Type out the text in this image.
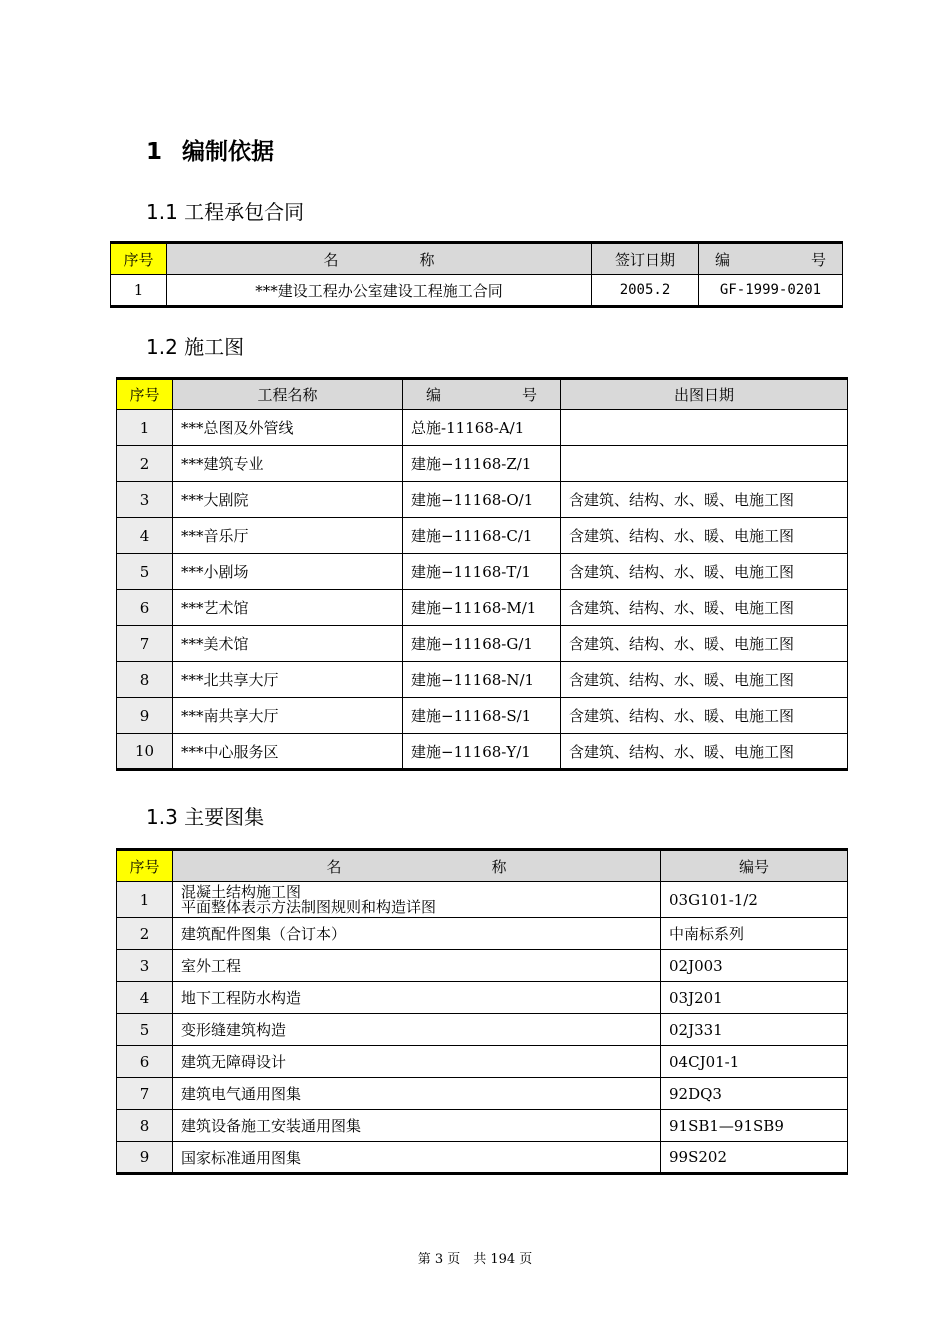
1 编制依据
1.1 工程承包合同
序号	名　称	签订日期	编　号
1	***建设工程办公室建设工程施工合同	2005.2	GF-1999-0201
1.2 施工图
序号	工程名称	编　号	出图日期
1	***总图及外管线	总施-11168-A/1	
2	***建筑专业	建施−11168-Z/1	
3	***大剧院	建施−11168-O/1	含建筑、结构、水、暖、电施工图
4	***音乐厅	建施−11168-C/1	含建筑、结构、水、暖、电施工图
5	***小剧场	建施−11168-T/1	含建筑、结构、水、暖、电施工图
6	***艺术馆	建施−11168-M/1	含建筑、结构、水、暖、电施工图
7	***美术馆	建施−11168-G/1	含建筑、结构、水、暖、电施工图
8	***北共享大厅	建施−11168-N/1	含建筑、结构、水、暖、电施工图
9	***南共享大厅	建施−11168-S/1	含建筑、结构、水、暖、电施工图
10	***中心服务区	建施−11168-Y/1	含建筑、结构、水、暖、电施工图
1.3 主要图集
序号	名　称	编号
1	混凝土结构施工图
平面整体表示方法制图规则和构造详图	03G101-1/2
2	建筑配件图集（合订本）	中南标系列
3	室外工程	02J003
4	地下工程防水构造	03J201
5	变形缝建筑构造	02J331
6	建筑无障碍设计	04CJ01-1
7	建筑电气通用图集	92DQ3
8	建筑设备施工安装通用图集	91SB1—91SB9
9	国家标准通用图集	99S202
第 3 页　共 194 页
